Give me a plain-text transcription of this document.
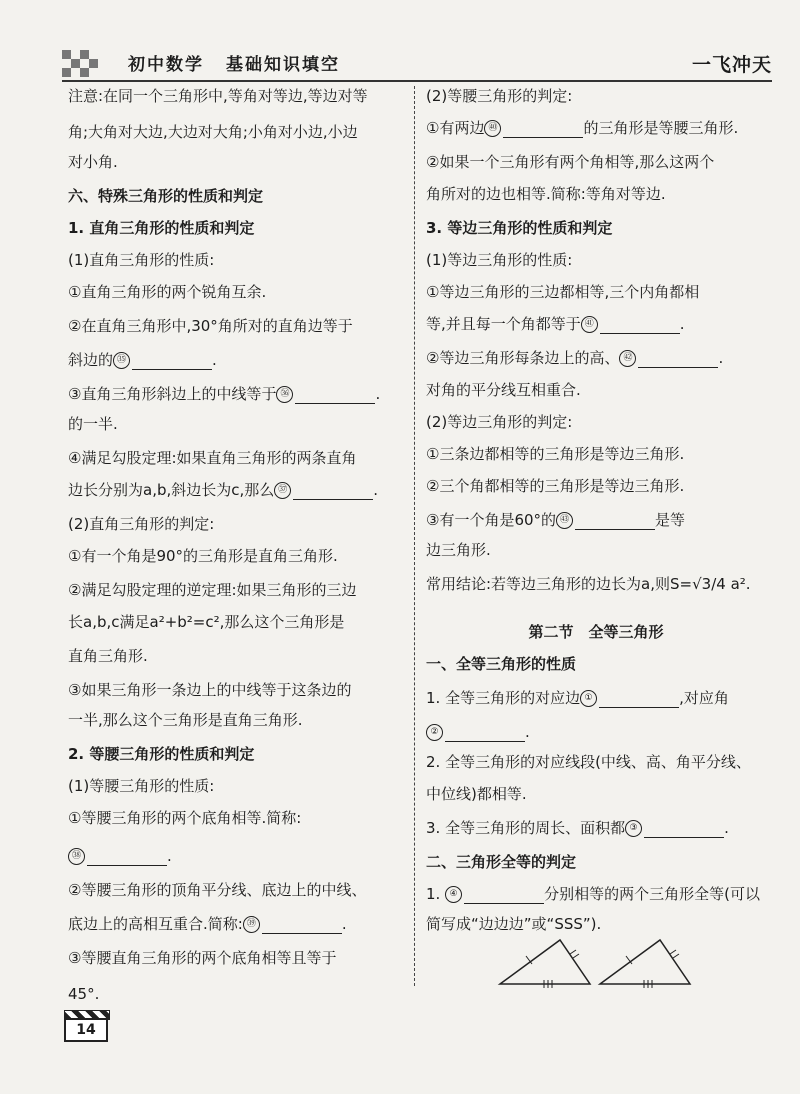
初中数学 基础知识填空	一飞冲天
注意:在同一个三角形中,等角对等边,等边对等
角;大角对大边,大边对大角;小角对小边,小边
对小角.
六、特殊三角形的性质和判定
1. 直角三角形的性质和判定
(1)直角三角形的性质:
①直角三角形的两个锐角互余.
②在直角三角形中,30°角所对的直角边等于
斜边的 ㉟	.
③直角三角形斜边上的中线等于 ㊱	.
的一半.
④满足勾股定理:如果直角三角形的两条直角
边长分别为a,b,斜边长为c,那么 ㊲	.
(2)直角三角形的判定:
①有一个角是90°的三角形是直角三角形.
②满足勾股定理的逆定理:如果三角形的三边
长a,b,c满足a²+b²=c²,那么这个三角形是
直角三角形.
③如果三角形一条边上的中线等于这条边的
一半,那么这个三角形是直角三角形.
2. 等腰三角形的性质和判定
(1)等腰三角形的性质:
①等腰三角形的两个底角相等.简称:
㊳	.
②等腰三角形的顶角平分线、底边上的中线、
底边上的高相互重合.简称: ㊴	.
③等腰直角三角形的两个底角相等且等于
45°.
(2)等腰三角形的判定:
①有两边 ㊵	的三角形是等腰三角形.
②如果一个三角形有两个角相等,那么这两个
角所对的边也相等.简称:等角对等边.
3. 等边三角形的性质和判定
(1)等边三角形的性质:
①等边三角形的三边都相等,三个内角都相
等,并且每一个角都等于 ㊶	.
②等边三角形每条边上的高、 ㊷	.
对角的平分线互相重合.
(2)等边三角形的判定:
①三条边都相等的三角形是等边三角形.
②三个角都相等的三角形是等边三角形.
③有一个角是60°的 ㊸	是等
边三角形.
常用结论:若等边三角形的边长为a,则S=√3/4 a².
第二节　全等三角形
一、全等三角形的性质
1. 全等三角形的对应边 ①	,对应角
②	.
2. 全等三角形的对应线段(中线、高、角平分线、
中位线)都相等.
3. 全等三角形的周长、面积都 ③	.
二、三角形全等的判定
1. ④	分别相等的两个三角形全等(可以
简写成“边边边”或“SSS”).
14
